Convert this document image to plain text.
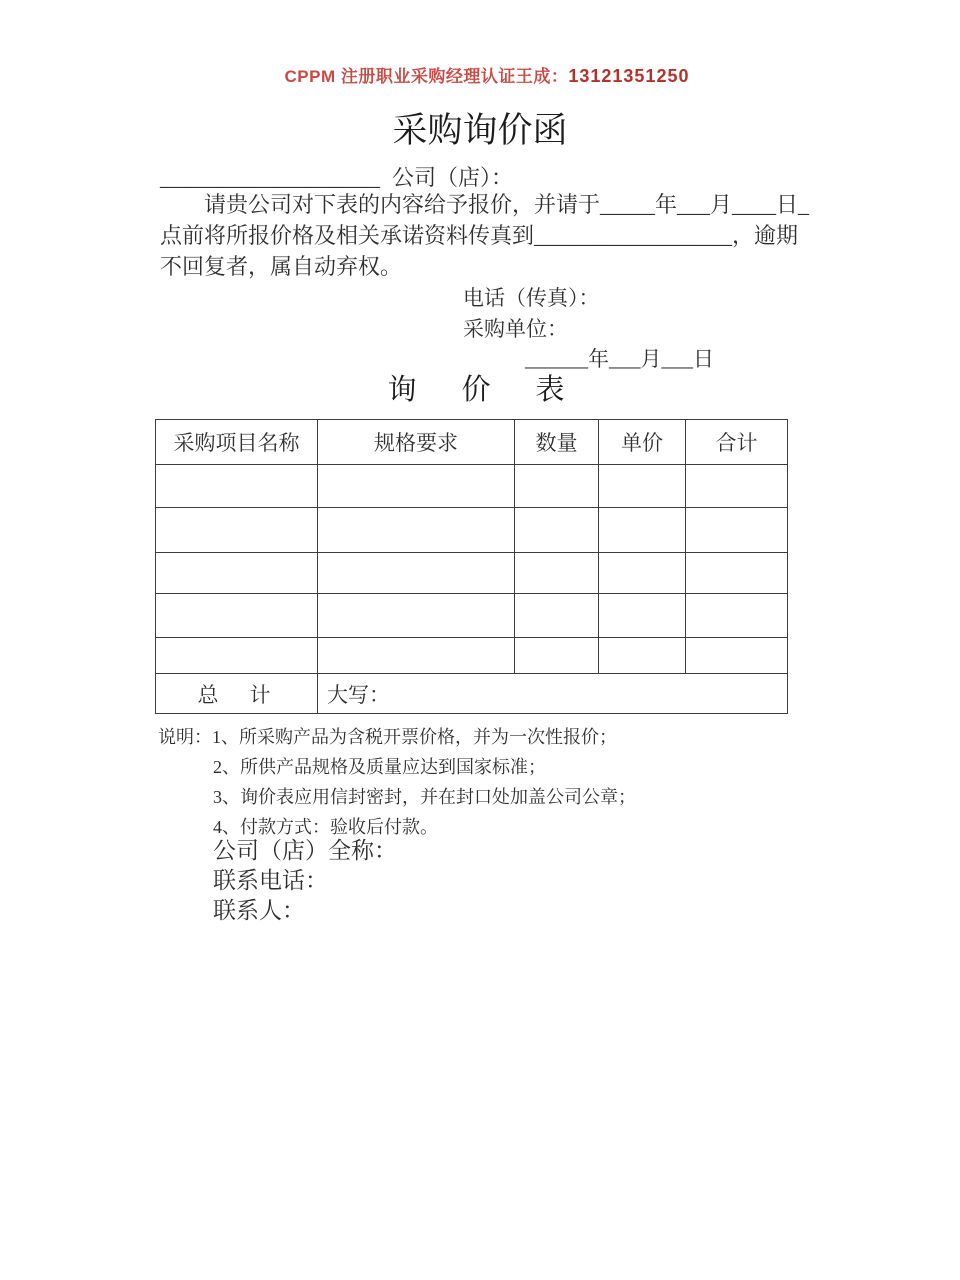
CPPM 注册职业采购经理认证王成：13121351250
采购询价函
____________________ 公司（店）：
请贵公司对下表的内容给予报价，并请于_____年___月____日_
点前将所报价格及相关承诺资料传真到__________________，逾期
不回复者，属自动弃权。
电话（传真）：
采购单位：
______年___月___日
询　价　表
采购项目名称	规格要求	数量	单价	合计

总　计	大写：			
说明：1、所采购产品为含税开票价格，并为一次性报价；
2、所供产品规格及质量应达到国家标准；
3、询价表应用信封密封，并在封口处加盖公司公章；
4、付款方式：验收后付款。
公司（店）全称：
联系电话：
联系人：
